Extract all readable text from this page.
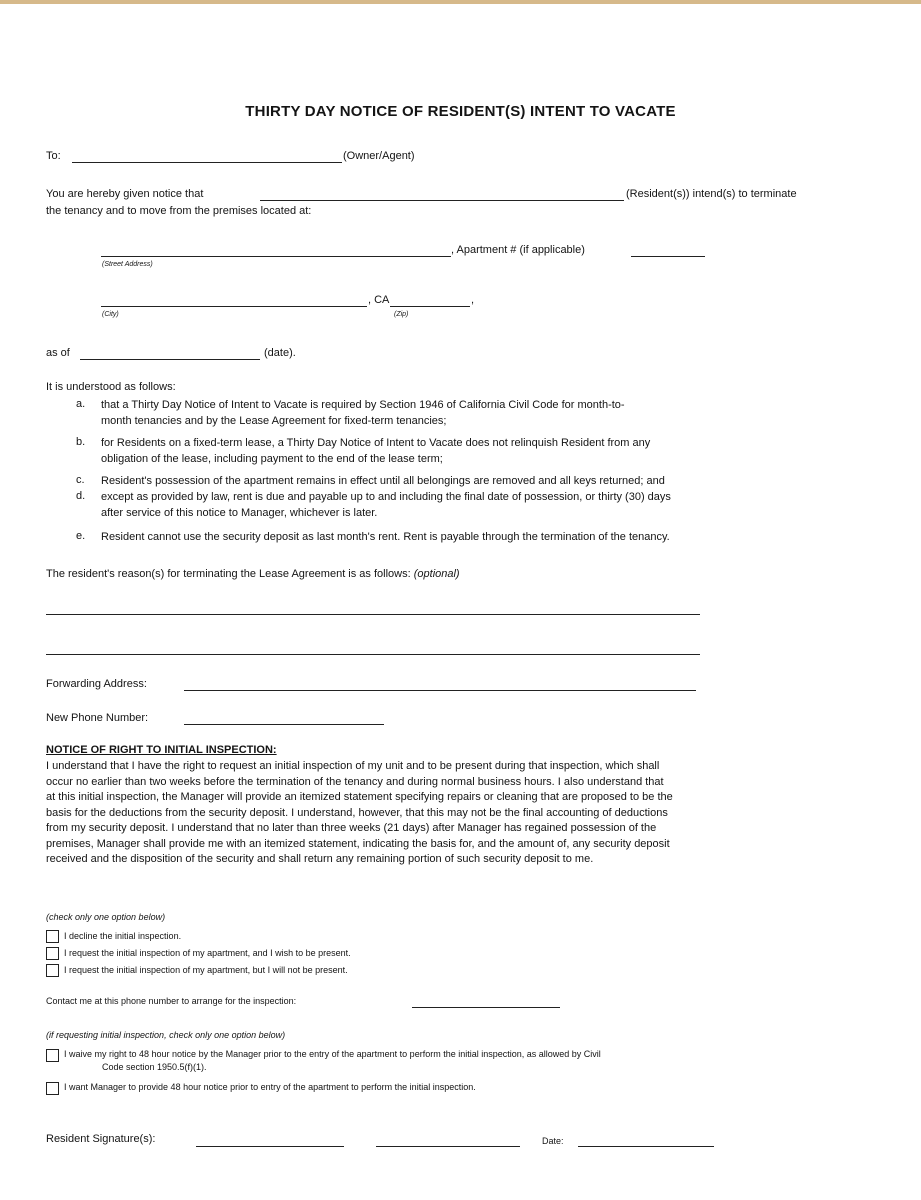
THIRTY DAY NOTICE OF RESIDENT(S) INTENT TO VACATE
To:	(Owner/Agent)
You are hereby given notice that	(Resident(s)) intend(s) to terminate
the tenancy and to move from the premises located at:
, Apartment # (if applicable)
(Street Address)
, CA	,
(City)	(Zip)
as of	(date).
It is understood as follows:
a. that a Thirty Day Notice of Intent to Vacate is required by Section 1946 of California Civil Code for month-to-
month tenancies and by the Lease Agreement for fixed-term tenancies;
b. for Residents on a fixed-term lease, a Thirty Day Notice of Intent to Vacate does not relinquish Resident from any
obligation of the lease, including payment to the end of the lease term;
c. Resident's possession of the apartment remains in effect until all belongings are removed and all keys returned; and
d. except as provided by law, rent is due and payable up to and including the final date of possession, or thirty (30) days
after service of this notice to Manager, whichever is later.
e. Resident cannot use the security deposit as last month's rent. Rent is payable through the termination of the tenancy.
The resident's reason(s) for terminating the Lease Agreement is as follows: (optional)
Forwarding Address:
New Phone Number:
NOTICE OF RIGHT TO INITIAL INSPECTION:
I understand that I have the right to request an initial inspection of my unit and to be present during that inspection, which shall
occur no earlier than two weeks before the termination of the tenancy and during normal business hours. I also understand that
at this initial inspection, the Manager will provide an itemized statement specifying repairs or cleaning that are proposed to be the
basis for the deductions from the security deposit. I understand, however, that this may not be the final accounting of deductions
from my security deposit. I understand that no later than three weeks (21 days) after Manager has regained possession of the
premises, Manager shall provide me with an itemized statement, indicating the basis for, and the amount of, any security deposit
received and the disposition of the security and shall return any remaining portion of such security deposit to me.
(check only one option below)
I decline the initial inspection.
I request the initial inspection of my apartment, and I wish to be present.
I request the initial inspection of my apartment, but I will not be present.
Contact me at this phone number to arrange for the inspection:
(if requesting initial inspection, check only one option below)
I waive my right to 48 hour notice by the Manager prior to the entry of the apartment to perform the initial inspection, as allowed by Civil
Code section 1950.5(f)(1).
I want Manager to provide 48 hour notice prior to entry of the apartment to perform the initial inspection.
Resident Signature(s):	Date:
